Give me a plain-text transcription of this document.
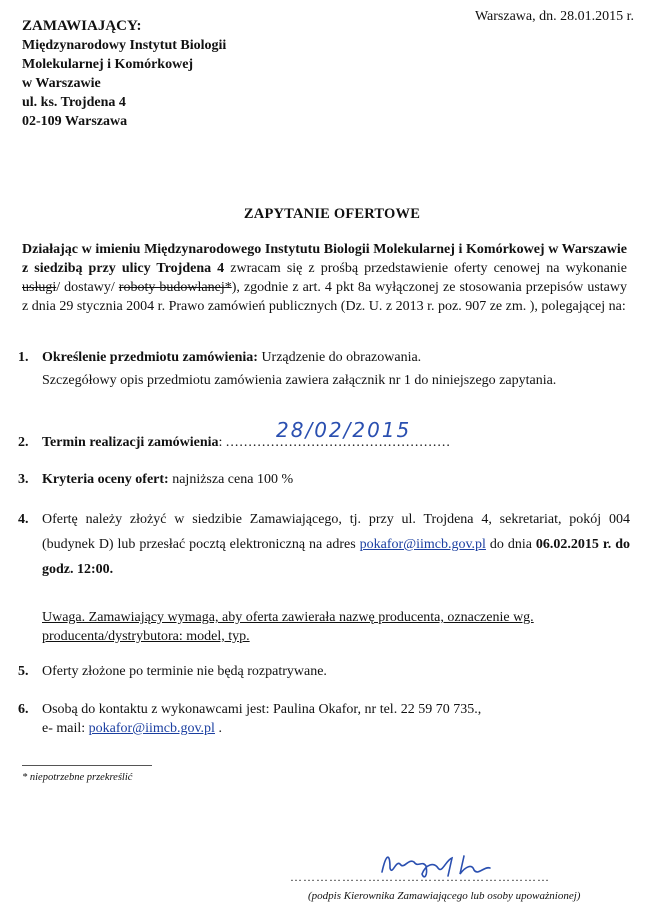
Warszawa, dn. 28.01.2015 r.
ZAMAWIAJĄCY:
Międzynarodowy Instytut Biologii
Molekularnej i Komórkowej
w Warszawie
ul. ks. Trojdena 4
02-109 Warszawa
ZAPYTANIE OFERTOWE
Działając w imieniu Międzynarodowego Instytutu Biologii Molekularnej i Komórkowej w Warszawie z siedzibą przy ulicy Trojdena 4 zwracam się z prośbą przedstawienie oferty cenowej na wykonanie usługi/ dostawy/ roboty budowlanej*), zgodnie z art. 4 pkt 8a wyłączonej ze stosowania przepisów ustawy z dnia 29 stycznia 2004 r. Prawo zamówień publicznych (Dz. U. z 2013 r. poz. 907 ze zm. ), polegającej na:
1. Określenie przedmiotu zamówienia: Urządzenie do obrazowania.
Szczegółowy opis przedmiotu zamówienia zawiera załącznik nr 1 do niniejszego zapytania.
2. Termin realizacji zamówienia: ..................................................
28/02/2015
3. Kryteria oceny ofert: najniższa cena 100 %
4. Ofertę należy złożyć w siedzibie Zamawiającego, tj. przy ul. Trojdena 4, sekretariat, pokój 004 (budynek D) lub przesłać pocztą elektroniczną na adres pokafor@iimcb.gov.pl do dnia 06.02.2015 r. do godz. 12:00.
Uwaga. Zamawiający wymaga, aby oferta zawierała nazwę producenta, oznaczenie wg. producenta/dystrybutora: model, typ.
5. Oferty złożone po terminie nie będą rozpatrywane.
6. Osobą do kontaktu z wykonawcami jest: Paulina Okafor, nr tel. 22 59 70 735.,
e- mail: pokafor@iimcb.gov.pl .
* niepotrzebne przekreślić
……………………………………………………
(podpis Kierownika Zamawiającego lub osoby upoważnionej)
